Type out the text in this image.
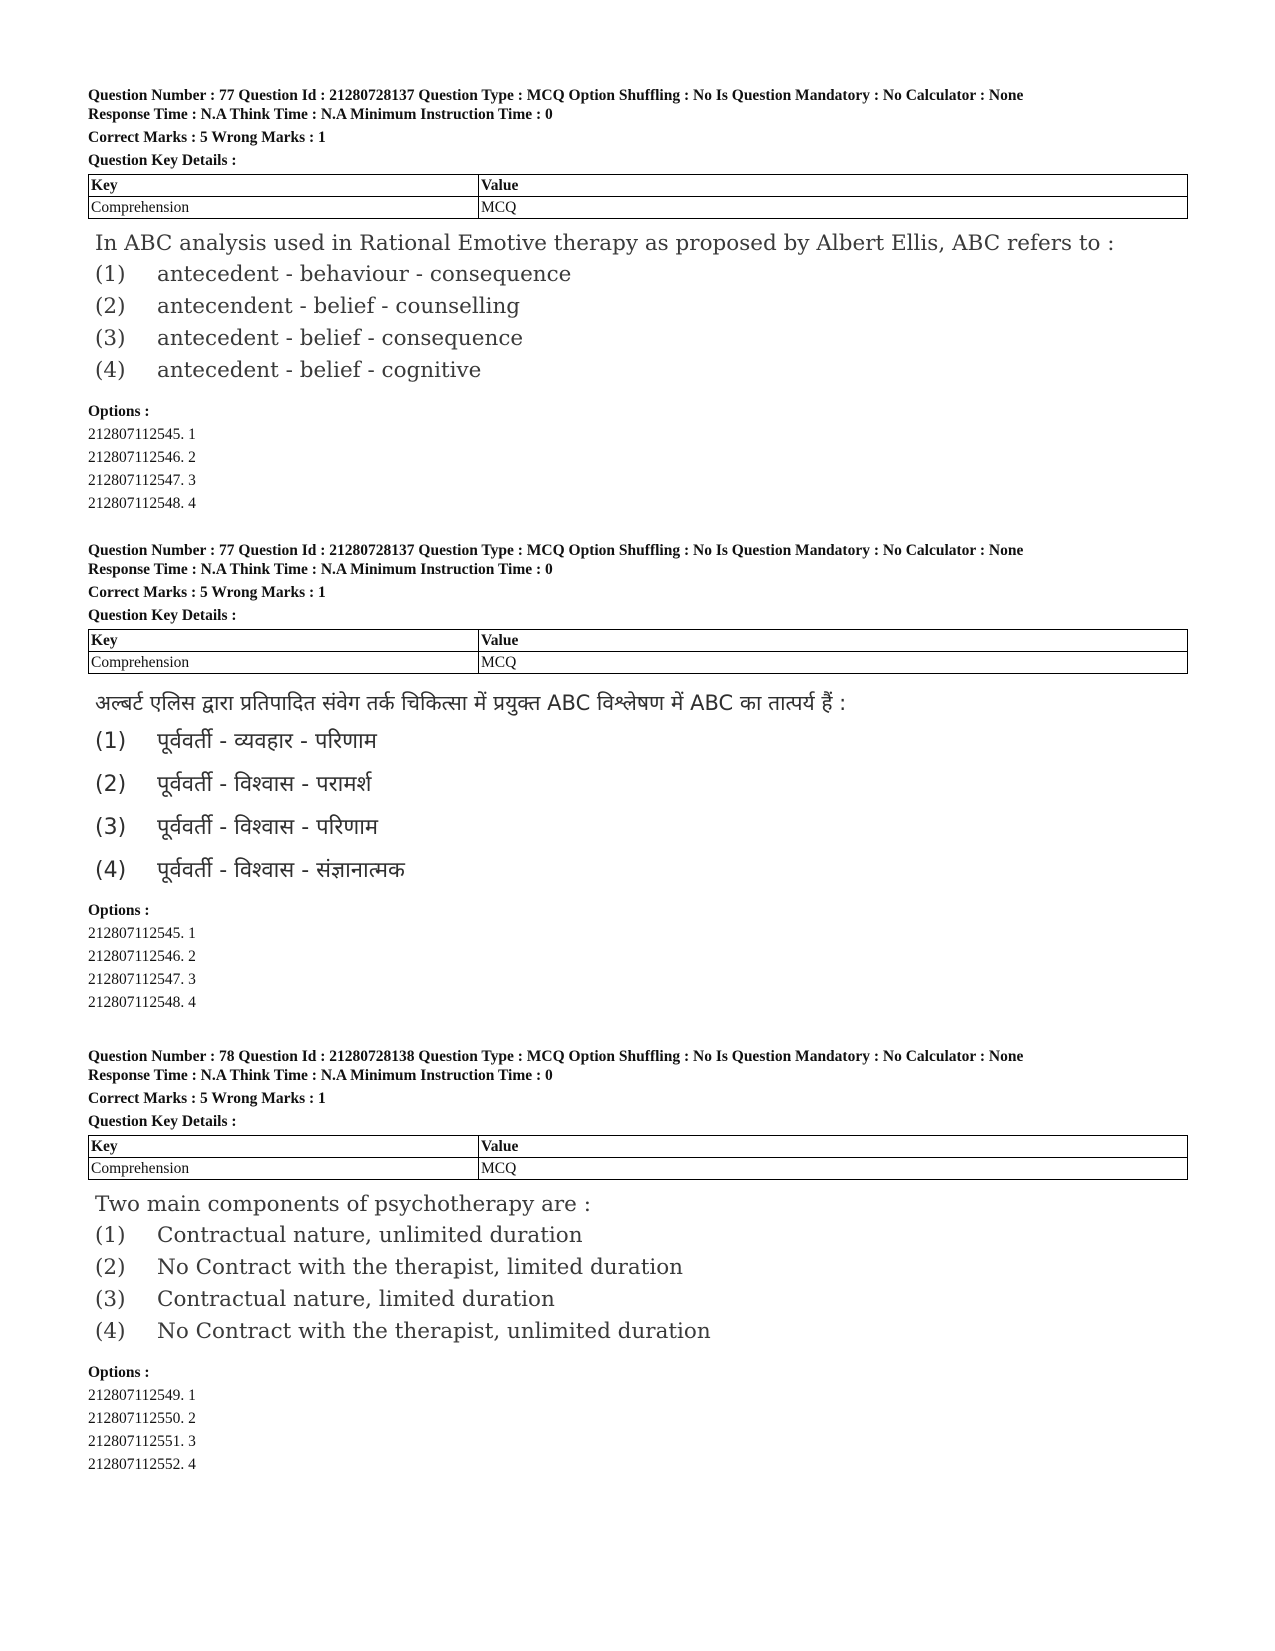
Question Number : 77 Question Id : 21280728137 Question Type : MCQ Option Shuffling : No Is Question Mandatory : No Calculator : None
Response Time : N.A Think Time : N.A Minimum Instruction Time : 0
Correct Marks : 5 Wrong Marks : 1
Question Key Details :
Key	Value
Comprehension	MCQ
In ABC analysis used in Rational Emotive therapy as proposed by Albert Ellis, ABC refers to :
(1)	antecedent - behaviour - consequence
(2)	antecendent - belief - counselling
(3)	antecedent - belief - consequence
(4)	antecedent - belief - cognitive
Options :
212807112545. 1
212807112546. 2
212807112547. 3
212807112548. 4
Question Number : 77 Question Id : 21280728137 Question Type : MCQ Option Shuffling : No Is Question Mandatory : No Calculator : None
Response Time : N.A Think Time : N.A Minimum Instruction Time : 0
Correct Marks : 5 Wrong Marks : 1
Question Key Details :
Key	Value
Comprehension	MCQ
अल्बर्ट एलिस द्वारा प्रतिपादित संवेग तर्क चिकित्सा में प्रयुक्त ABC विश्लेषण में ABC का तात्पर्य हैं :
(1)	पूर्ववर्ती - व्यवहार - परिणाम
(2)	पूर्ववर्ती - विश्वास - परामर्श
(3)	पूर्ववर्ती - विश्वास - परिणाम
(4)	पूर्ववर्ती - विश्वास - संज्ञानात्मक
Options :
212807112545. 1
212807112546. 2
212807112547. 3
212807112548. 4
Question Number : 78 Question Id : 21280728138 Question Type : MCQ Option Shuffling : No Is Question Mandatory : No Calculator : None
Response Time : N.A Think Time : N.A Minimum Instruction Time : 0
Correct Marks : 5 Wrong Marks : 1
Question Key Details :
Key	Value
Comprehension	MCQ
Two main components of psychotherapy are :
(1)	Contractual nature, unlimited duration
(2)	No Contract with the therapist, limited duration
(3)	Contractual nature, limited duration
(4)	No Contract with the therapist, unlimited duration
Options :
212807112549. 1
212807112550. 2
212807112551. 3
212807112552. 4
